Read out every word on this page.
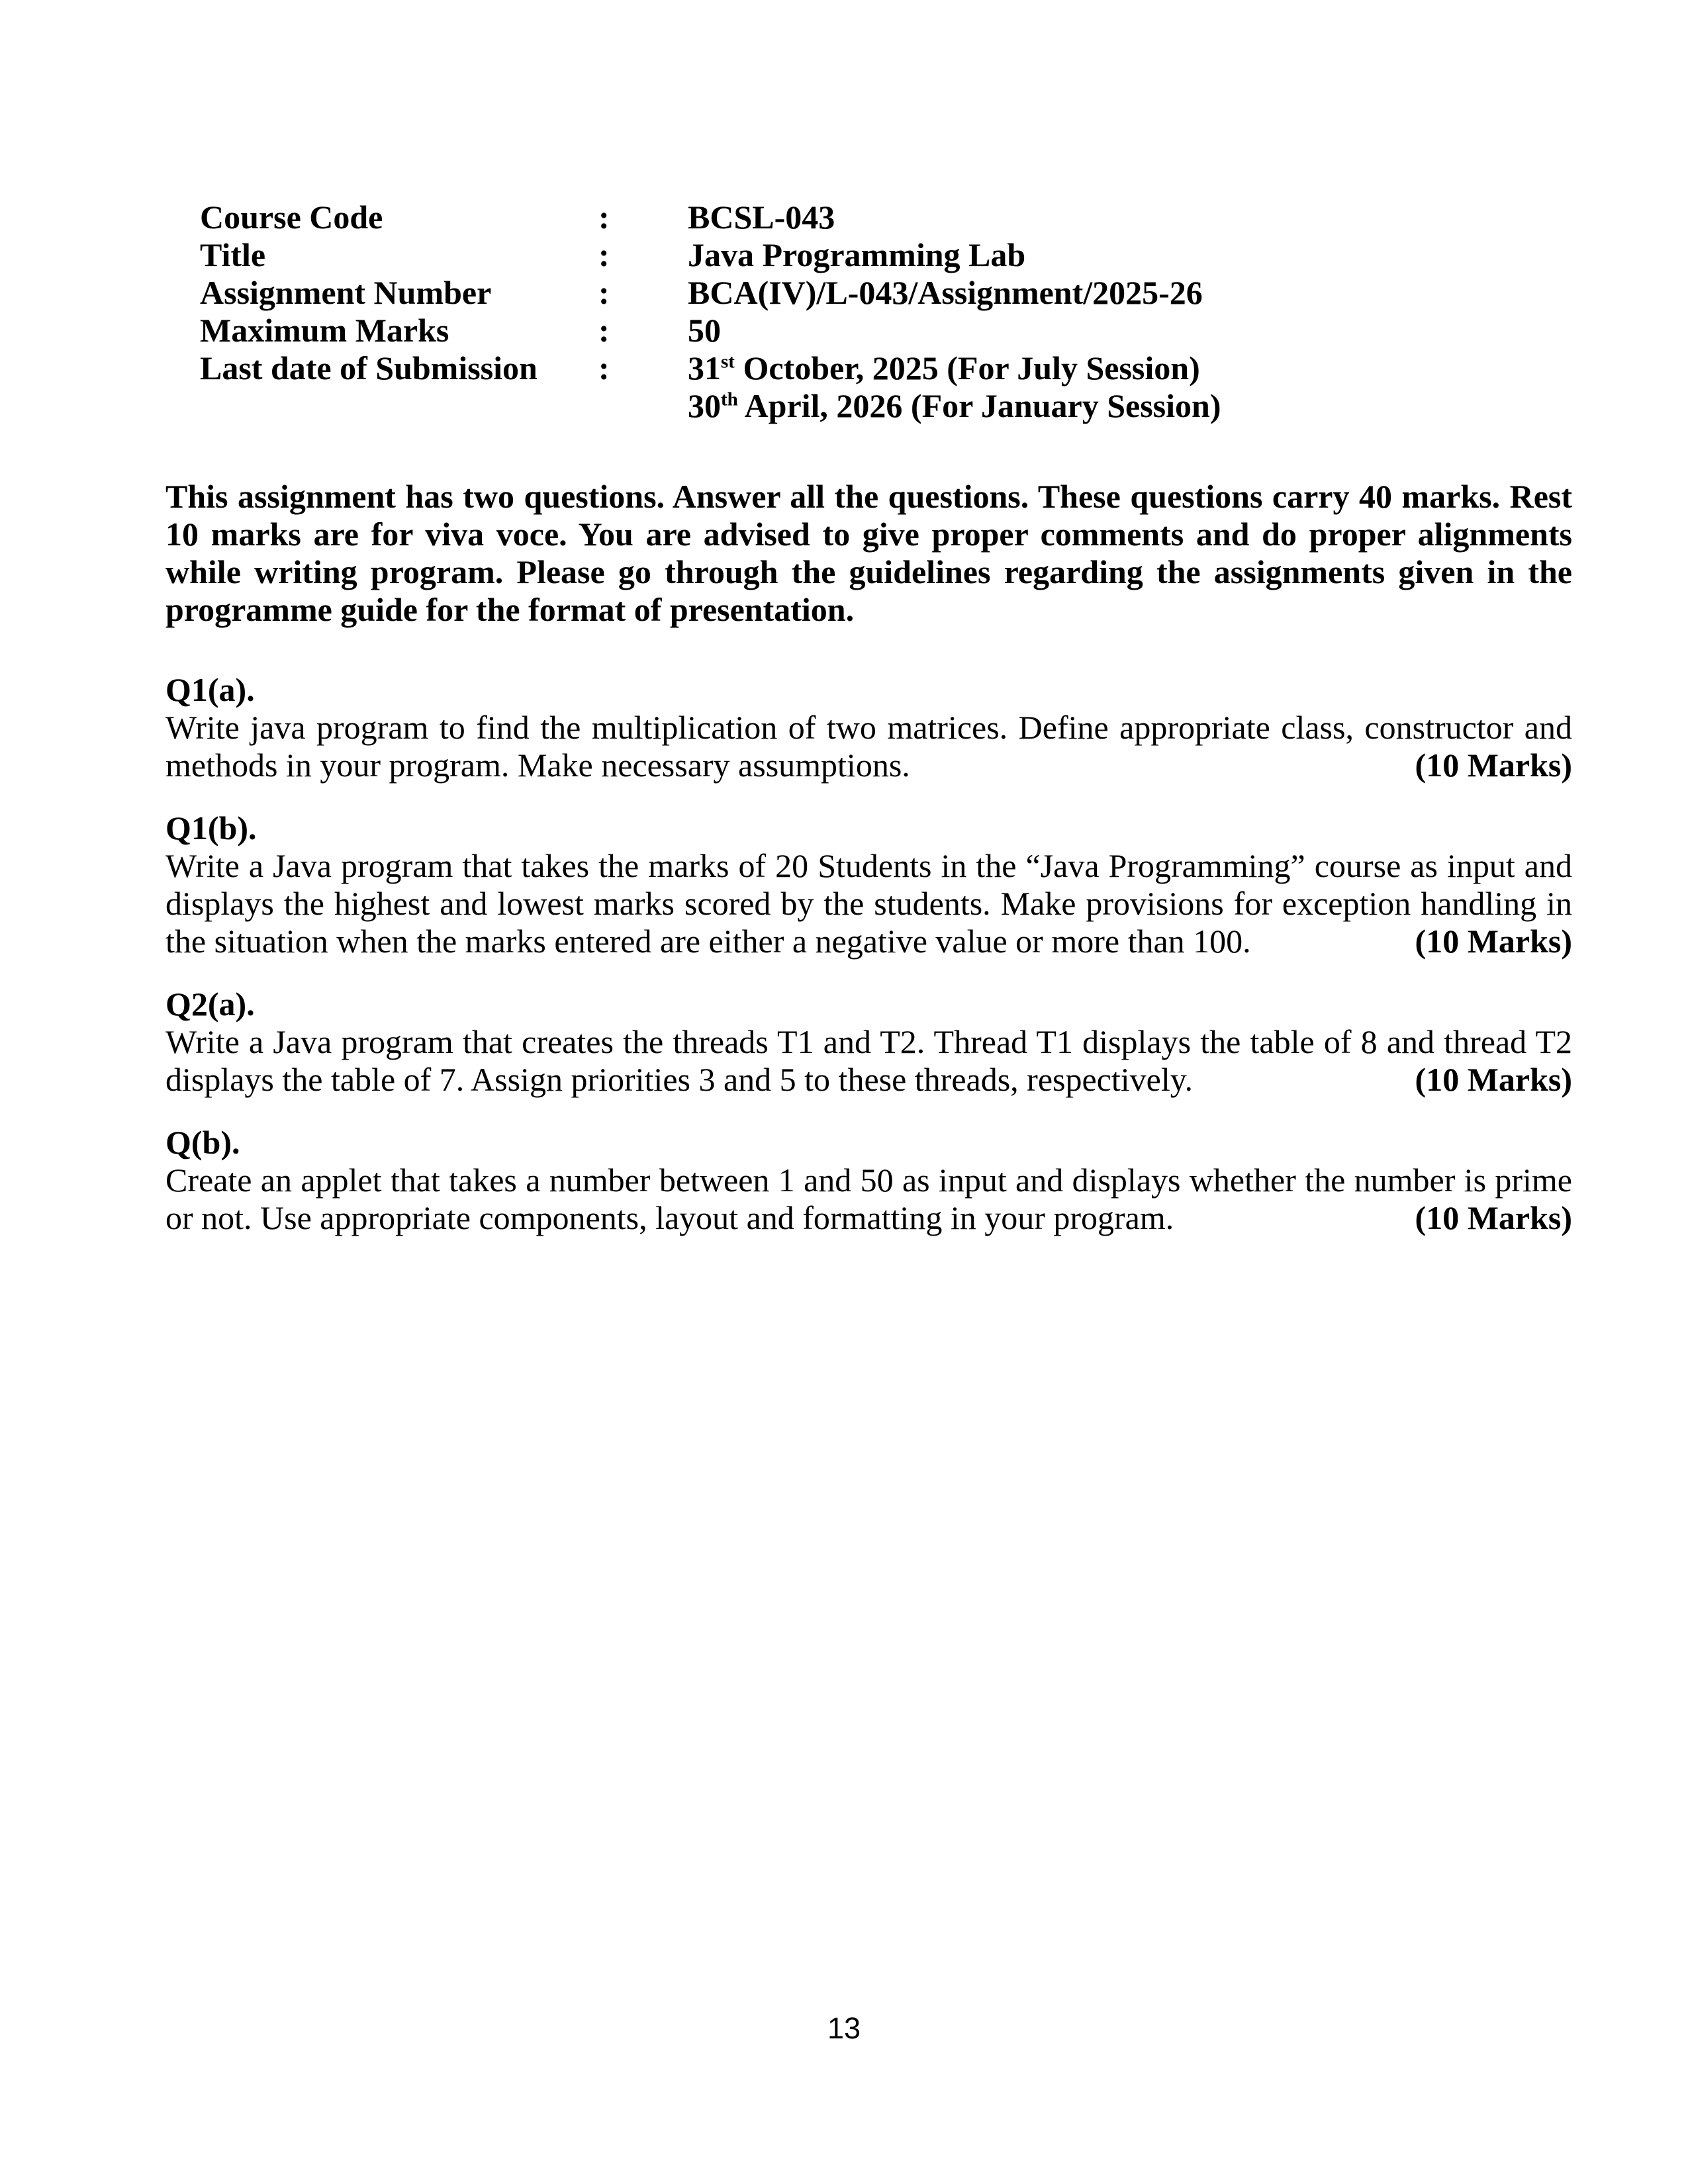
Course Code	:	BCSL-043
Title	:	Java Programming Lab
Assignment Number	:	BCA(IV)/L-043/Assignment/2025-26
Maximum Marks	:	50
Last date of Submission	:	31st October, 2025 (For July Session)
30th April, 2026 (For January Session)
This assignment has two questions. Answer all the questions. These questions carry 40 marks. Rest 10 marks are for viva voce. You are advised to give proper comments and do proper alignments while writing program. Please go through the guidelines regarding the assignments given in the programme guide for the format of presentation.
Q1(a).
Write java program to find the multiplication of two matrices. Define appropriate class, constructor and methods in your program. Make necessary assumptions.	(10 Marks)
Q1(b).
Write a Java program that takes the marks of 20 Students in the “Java Programming” course as input and displays the highest and lowest marks scored by the students. Make provisions for exception handling in the situation when the marks entered are either a negative value or more than 100.	(10 Marks)
Q2(a).
Write a Java program that creates the threads T1 and T2. Thread T1 displays the table of 8 and thread T2 displays the table of 7. Assign priorities 3 and 5 to these threads, respectively.	(10 Marks)
Q(b).
Create an applet that takes a number between 1 and 50 as input and displays whether the number is prime or not. Use appropriate components, layout and formatting in your program.	(10 Marks)
13
